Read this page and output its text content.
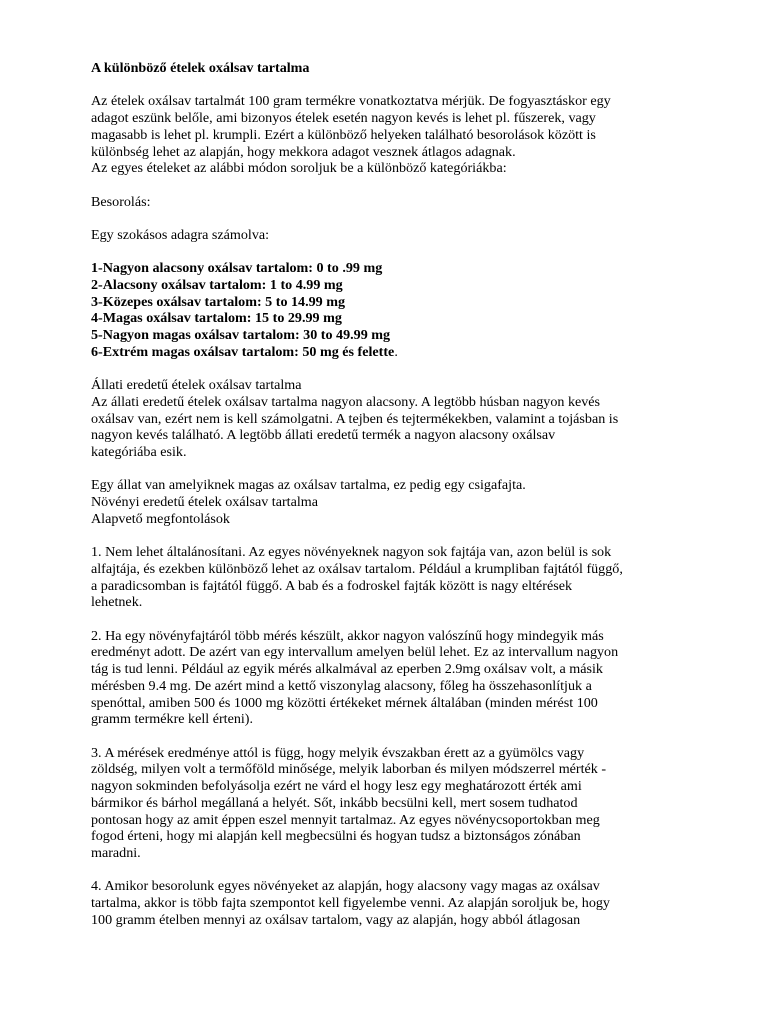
A különböző ételek oxálsav tartalma

Az ételek oxálsav tartalmát 100 gram termékre vonatkoztatva mérjük. De fogyasztáskor egy
adagot eszünk belőle, ami bizonyos ételek esetén nagyon kevés is lehet pl. fűszerek, vagy
magasabb is lehet pl. krumpli. Ezért a különböző helyeken található besorolások között is
különbség lehet az alapján, hogy mekkora adagot vesznek átlagos adagnak.
Az egyes ételeket az alábbi módon soroljuk be a különböző kategóriákba:

Besorolás:

Egy szokásos adagra számolva:

1-Nagyon alacsony oxálsav tartalom: 0 to .99 mg
2-Alacsony oxálsav tartalom: 1 to 4.99 mg
3-Közepes oxálsav tartalom: 5 to 14.99 mg
4-Magas oxálsav tartalom: 15 to 29.99 mg
5-Nagyon magas oxálsav tartalom: 30 to 49.99 mg
6-Extrém magas oxálsav tartalom: 50 mg és felette.

Állati eredetű ételek oxálsav tartalma
Az állati eredetű ételek oxálsav tartalma nagyon alacsony. A legtöbb húsban nagyon kevés
oxálsav van, ezért nem is kell számolgatni. A tejben és tejtermékekben, valamint a tojásban is
nagyon kevés található. A legtöbb állati eredetű termék a nagyon alacsony oxálsav
kategóriába esik.

Egy állat van amelyiknek magas az oxálsav tartalma, ez pedig egy csigafajta.
Növényi eredetű ételek oxálsav tartalma
Alapvető megfontolások

1. Nem lehet általánosítani. Az egyes növényeknek nagyon sok fajtája van, azon belül is sok
alfajtája, és ezekben különböző lehet az oxálsav tartalom. Például a krumpliban fajtától függő,
a paradicsomban is fajtától függő. A bab és a fodroskel fajták között is nagy eltérések
lehetnek.

2. Ha egy növényfajtáról több mérés készült, akkor nagyon valószínű hogy mindegyik más
eredményt adott. De azért van egy intervallum amelyen belül lehet. Ez az intervallum nagyon
tág is tud lenni. Például az egyik mérés alkalmával az eperben 2.9mg oxálsav volt, a másik
mérésben 9.4 mg. De azért mind a kettő viszonylag alacsony, főleg ha összehasonlítjuk a
spenóttal, amiben 500 és 1000 mg közötti értékeket mérnek általában (minden mérést 100
gramm termékre kell érteni).

3. A mérések eredménye attól is függ, hogy melyik évszakban érett az a gyümölcs vagy
zöldség, milyen volt a termőföld minősége, melyik laborban és milyen módszerrel mérték -
nagyon sokminden befolyásolja ezért ne várd el hogy lesz egy meghatározott érték ami
bármikor és bárhol megállaná a helyét. Sőt, inkább becsülni kell, mert sosem tudhatod
pontosan hogy az amit éppen eszel mennyit tartalmaz. Az egyes növénycsoportokban meg
fogod érteni, hogy mi alapján kell megbecsülni és hogyan tudsz a biztonságos zónában
maradni.

4. Amikor besorolunk egyes növényeket az alapján, hogy alacsony vagy magas az oxálsav
tartalma, akkor is több fajta szempontot kell figyelembe venni. Az alapján soroljuk be, hogy
100 gramm ételben mennyi az oxálsav tartalom, vagy az alapján, hogy abból átlagosan
